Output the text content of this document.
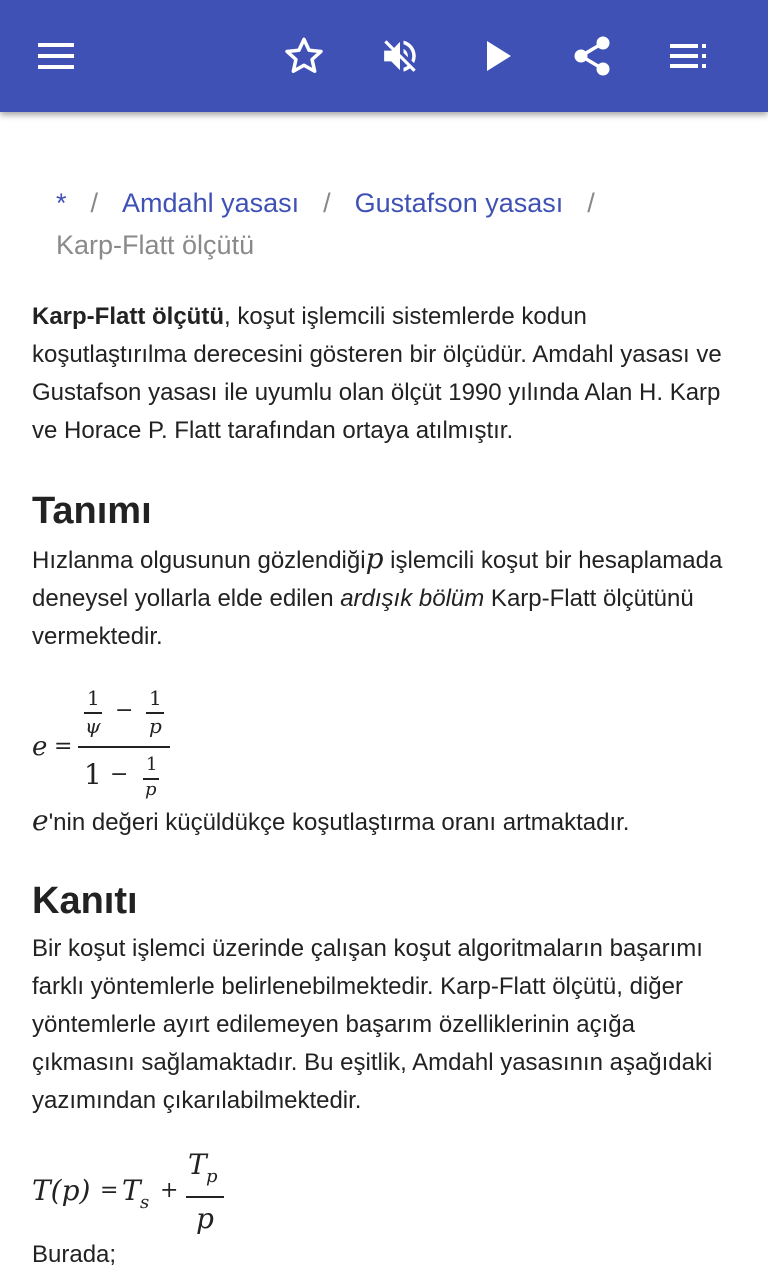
* / Amdahl yasası / Gustafson yasası /
Karp-Flatt ölçütü
Karp-Flatt ölçütü, koşut işlemcili sistemlerde kodun koşutlaştırılma derecesini gösteren bir ölçüdür. Amdahl yasası ve Gustafson yasası ile uyumlu olan ölçüt 1990 yılında Alan H. Karp ve Horace P. Flatt tarafından ortaya atılmıştır.
Tanımı
Hızlanma olgusunun gözlendiğip işlemcili koşut bir hesaplamada deneysel yollarla elde edilen ardışık bölüm Karp-Flatt ölçütünü vermektedir.
e =
1
ψ
− 1
p
1 − 1
p
e'nin değeri küçüldükçe koşutlaştırma oranı artmaktadır.
Kanıtı
Bir koşut işlemci üzerinde çalışan koşut algoritmaların başarımı farklı yöntemlerle belirlenebilmektedir. Karp-Flatt ölçütü, diğer yöntemlerle ayırt edilemeyen başarım özelliklerinin açığa çıkmasını sağlamaktadır. Bu eşitlik, Amdahl yasasının aşağıdaki yazımından çıkarılabilmektedir.
T(p) = T s +
T p
p
Burada;
